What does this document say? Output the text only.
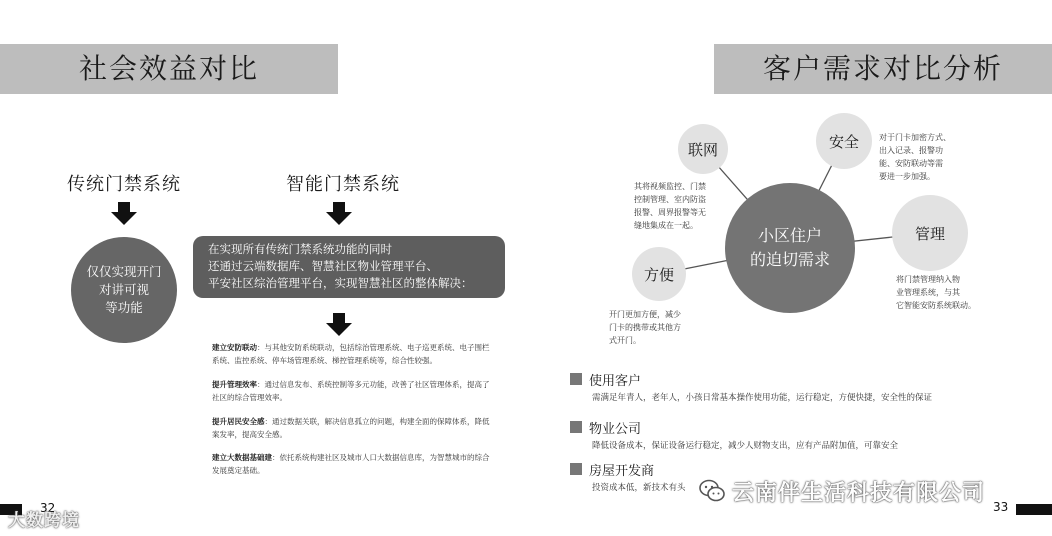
社会效益对比
传统门禁系统	智能门禁系统
仅仅实现开门
对讲可视
等功能
在实现所有传统门禁系统功能的同时
还通过云端数据库、智慧社区物业管理平台、
平安社区综治管理平台，实现智慧社区的整体解决：
建立安防联动：与其他安防系统联动，包括综治管理系统、电子巡更系统、电子围栏系统、监控系统、停车场管理系统、梯控管理系统等，综合性较强。
提升管理效率：通过信息发布、系统控制等多元功能，改善了社区管理体系，提高了社区的综合管理效率。
提升居民安全感：通过数据关联，解决信息孤立的问题，构建全面的保障体系，降低案发率，提高安全感。
建立大数据基础建：依托系统构建社区及城市人口大数据信息库，为智慧城市的综合发展奠定基础。
32
大数跨境
客户需求对比分析
联网	安全
方便
管理
小区住户
的迫切需求
其将视频监控、门禁
控制管理、室内防盗
报警、周界报警等无
缝地集成在一起。
对于门卡加密方式、
出入记录、报警功
能、安防联动等需
要进一步加强。
开门更加方便，减少
门卡的携带或其他方
式开门。
将门禁管理纳入物
业管理系统，与其
它智能安防系统联动。
使用客户
需满足年青人，老年人，小孩日常基本操作使用功能，运行稳定，方便快捷，安全性的保证
物业公司
降低设备成本，保证设备运行稳定，减少人财物支出，应有产品附加值，可靠安全
房屋开发商
投资成本低，新技术有头	云南伴生活科技有限公司
33
